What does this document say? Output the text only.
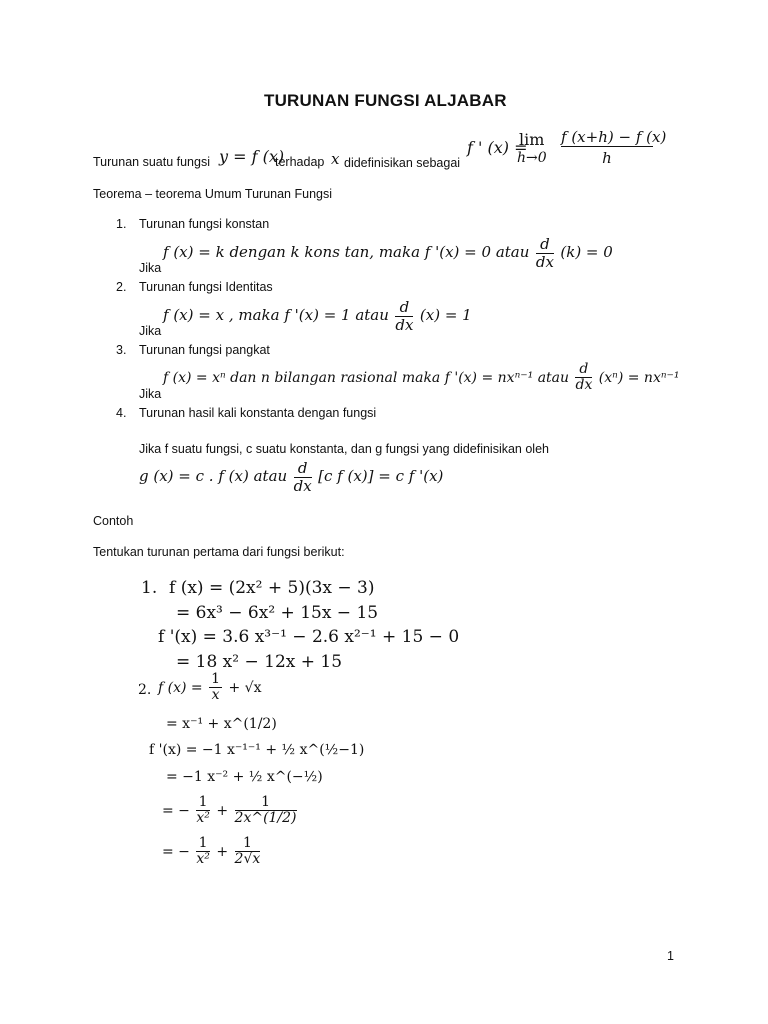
TURUNAN FUNGSI ALJABAR
Turunan suatu fungsi y = f (x)
terhadap x didefinisikan sebagai
f ' (x) =
lim
h→0
f (x+h) − f (x)
h
Teorema – teorema Umum Turunan Fungsi
1. Turunan fungsi konstan
Jika
f (x) = k dengan k kons tan, maka f '(x) = 0 atau $\frac{d}{dx} (k) = 0$
2. Turunan fungsi Identitas
Jika
f (x) = x , maka f '(x) = 1 atau $\frac{d}{dx} (x) = 1$
3. Turunan fungsi pangkat
Jika
f (x) = xⁿ dan n bilangan rasional maka f '(x) = nxⁿ⁻¹ atau $\frac{d}{dx} (x^n) = nx^{n-1}$
4. Turunan hasil kali konstanta dengan fungsi
Jika f suatu fungsi, c suatu konstanta, dan g fungsi yang didefinisikan oleh
g (x) = c . f (x) atau $\frac{d}{dx} [c$ f (x)] = c f '(x)
Contoh
Tentukan turunan pertama dari fungsi berikut:
1. f (x) = (2x² + 5)(3x − 3)
= 6x³ − 6x² + 15x − 15
f '(x) = 3.6 x³⁻¹ − 2.6 x²⁻¹ + 15 − 0
= 18 x² − 12x + 15
2. f $(x) = \frac{1}{x} + √x$
= x⁻¹ + x^(1/2)
f '(x) = −1 x⁻¹⁻¹ + ½ x^(½−1)
= −1 x⁻² + ½ x^(−½)
= − $\frac{1}{\text{x²}} + \frac{1}{2x\^{}(1/2)}$
= − $\frac{1}{\text{x²}} + \frac{1}{2√x}$
1
